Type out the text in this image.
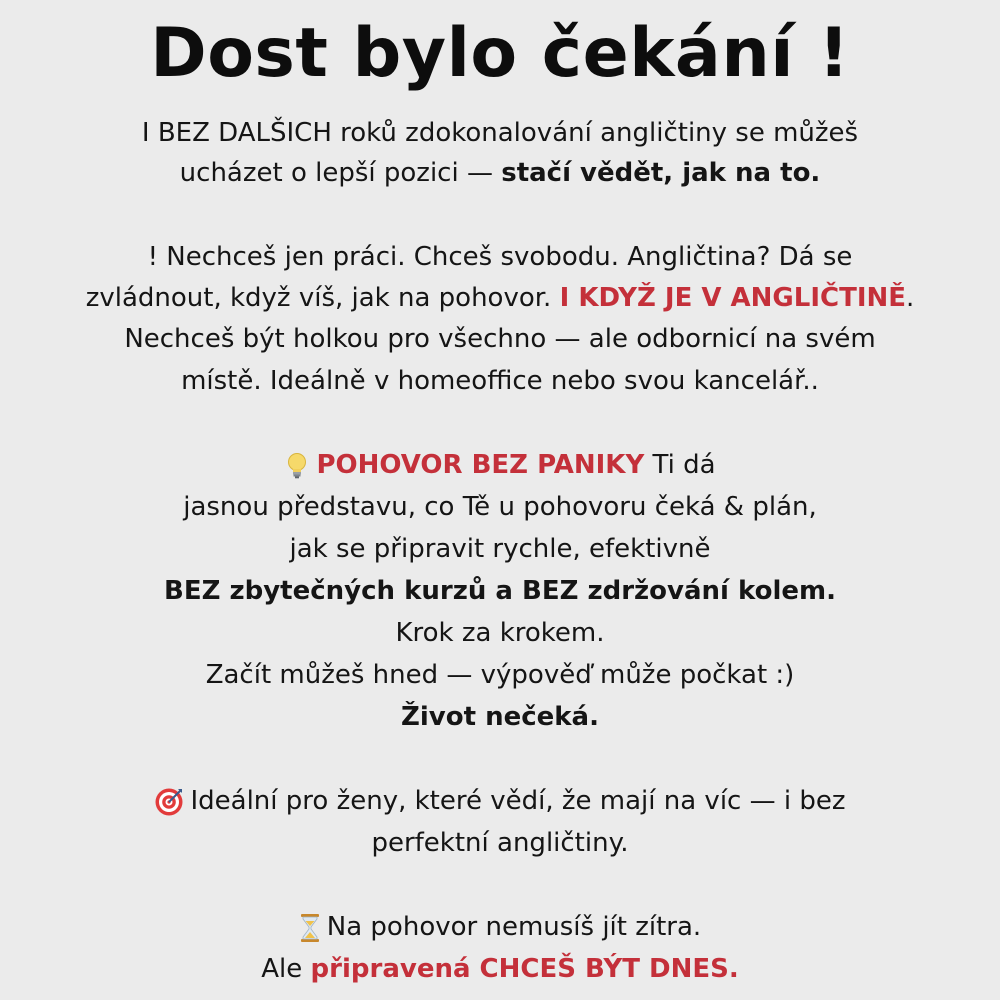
Dost bylo čekání !

I BEZ DALŠICH roků zdokonalování angličtiny se můžeš

ucházet o lepší pozici — stačí vědět, jak na to.

! Nechceš jen práci. Chceš svobodu. Angličtina? Dá se

zvládnout, když víš, jak na pohovor. I KDYŽ JE V ANGLIČTINĚ.

Nechceš být holkou pro všechno — ale odbornicí na svém

místě. Ideálně v homeoffice nebo svou kancelář..

POHOVOR BEZ PANIKY Ti dá

jasnou představu, co Tě u pohovoru čeká & plán,

jak se připravit rychle, efektivně

BEZ zbytečných kurzů a BEZ zdržování kolem.

Krok za krokem.

Začít můžeš hned — výpověď může počkat :)

Život nečeká.

Ideální pro ženy, které vědí, že mají na víc — i bez

perfektní angličtiny.

Na pohovor nemusíš jít zítra.

Ale připravená CHCEŠ BÝT DNES.
